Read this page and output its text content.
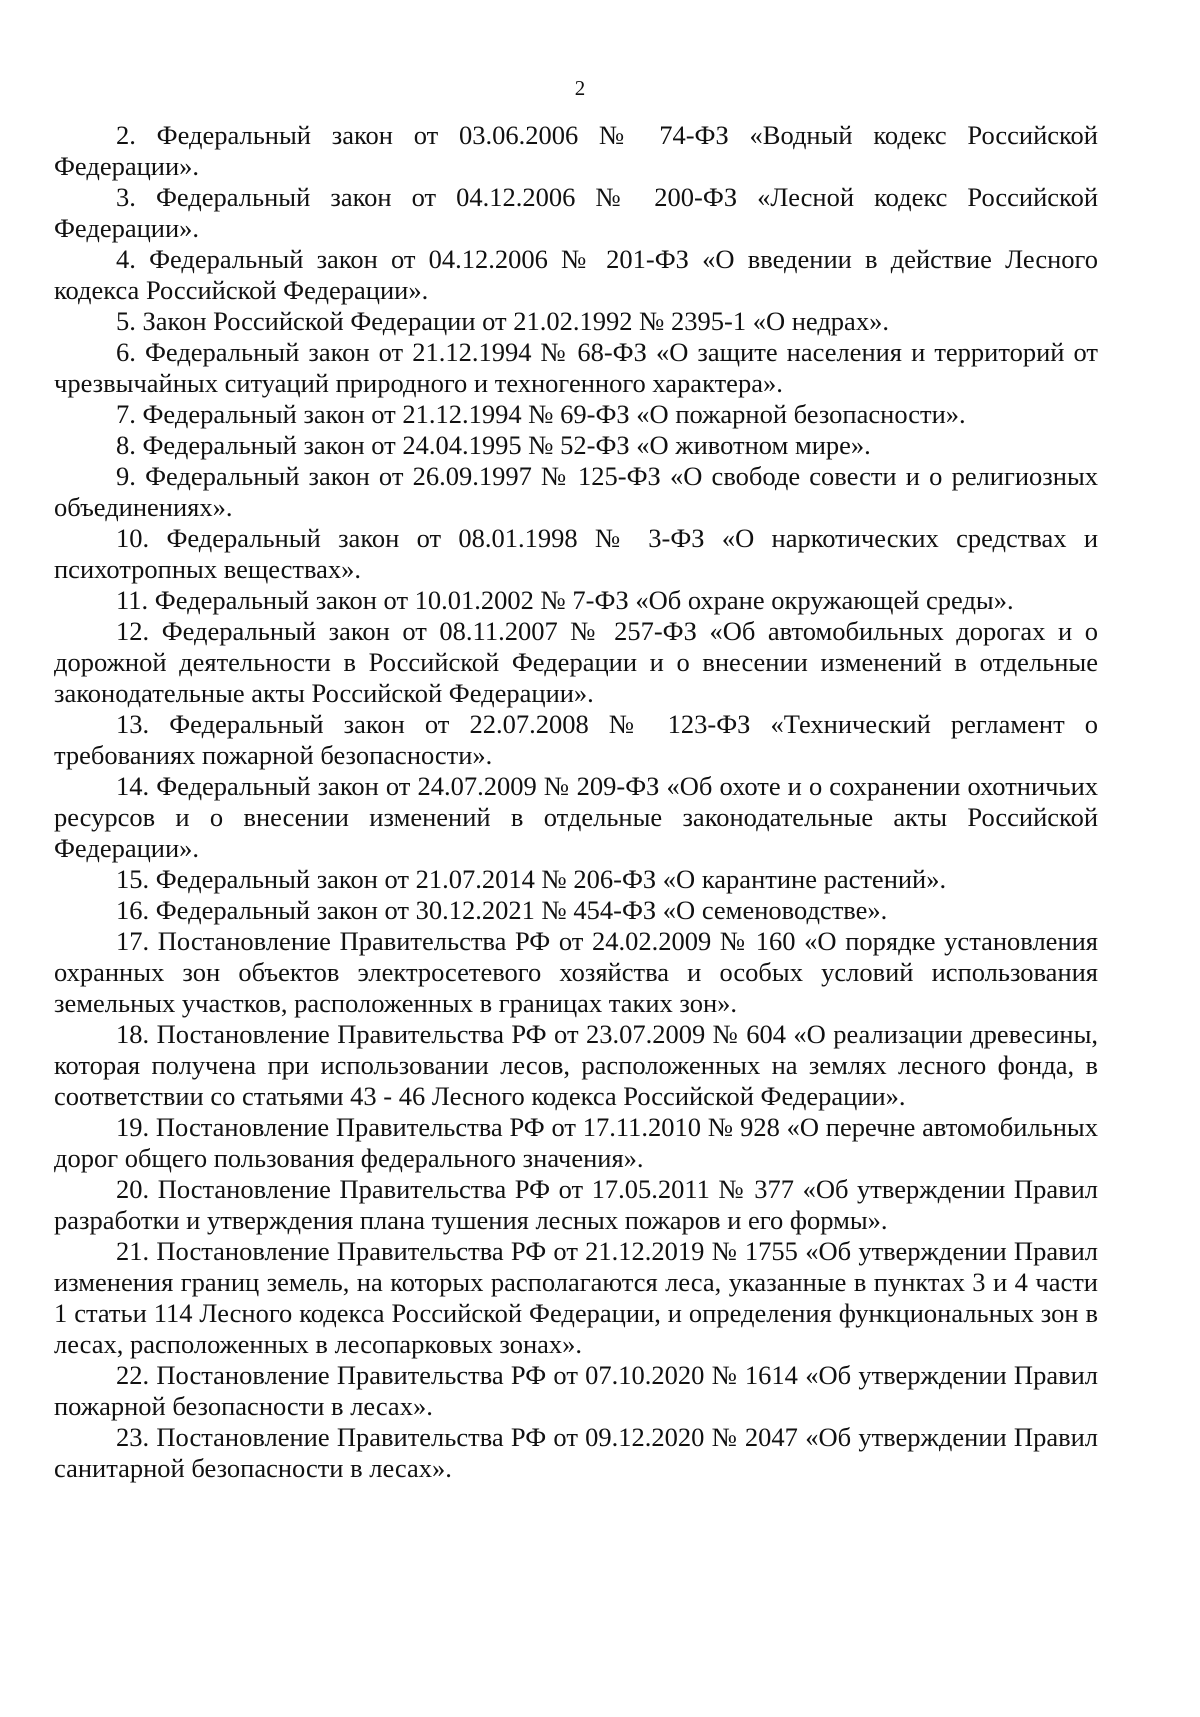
2

2. Федеральный закон от 03.06.2006 № 74-ФЗ «Водный кодекс Российской Федерации».

3. Федеральный закон от 04.12.2006 № 200-ФЗ «Лесной кодекс Российской Федерации».

4. Федеральный закон от 04.12.2006 № 201-ФЗ «О введении в действие Лесного кодекса Российской Федерации».

5. Закон Российской Федерации от 21.02.1992 № 2395-1 «О недрах».

6. Федеральный закон от 21.12.1994 № 68-ФЗ «О защите населения и территорий от чрезвычайных ситуаций природного и техногенного характера».

7. Федеральный закон от 21.12.1994 № 69-ФЗ «О пожарной безопасности».

8. Федеральный закон от 24.04.1995 № 52-ФЗ «О животном мире».

9. Федеральный закон от 26.09.1997 № 125-ФЗ «О свободе совести и о религиозных объединениях».

10. Федеральный закон от 08.01.1998 № 3-ФЗ «О наркотических средствах и психотропных веществах».

11. Федеральный закон от 10.01.2002 № 7-ФЗ «Об охране окружающей среды».

12. Федеральный закон от 08.11.2007 № 257-ФЗ «Об автомобильных дорогах и о дорожной деятельности в Российской Федерации и о внесении изменений в отдельные законодательные акты Российской Федерации».

13. Федеральный закон от 22.07.2008 № 123-ФЗ «Технический регламент о требованиях пожарной безопасности».

14. Федеральный закон от 24.07.2009 № 209-ФЗ «Об охоте и о сохранении охотничьих ресурсов и о внесении изменений в отдельные законодательные акты Российской Федерации».

15. Федеральный закон от 21.07.2014 № 206-ФЗ «О карантине растений».

16. Федеральный закон от 30.12.2021 № 454-ФЗ «О семеноводстве».

17. Постановление Правительства РФ от 24.02.2009 № 160 «О порядке установления охранных зон объектов электросетевого хозяйства и особых условий использования земельных участков, расположенных в границах таких зон».

18. Постановление Правительства РФ от 23.07.2009 № 604 «О реализации древесины, которая получена при использовании лесов, расположенных на землях лесного фонда, в соответствии со статьями 43 - 46 Лесного кодекса Российской Федерации».

19. Постановление Правительства РФ от 17.11.2010 № 928 «О перечне автомобильных дорог общего пользования федерального значения».

20. Постановление Правительства РФ от 17.05.2011 № 377 «Об утверждении Правил разработки и утверждения плана тушения лесных пожаров и его формы».

21. Постановление Правительства РФ от 21.12.2019 № 1755 «Об утверждении Правил изменения границ земель, на которых располагаются леса, указанные в пунктах 3 и 4 части 1 статьи 114 Лесного кодекса Российской Федерации, и определения функциональных зон в лесах, расположенных в лесопарковых зонах».

22. Постановление Правительства РФ от 07.10.2020 № 1614 «Об утверждении Правил пожарной безопасности в лесах».

23. Постановление Правительства РФ от 09.12.2020 № 2047 «Об утверждении Правил санитарной безопасности в лесах».
